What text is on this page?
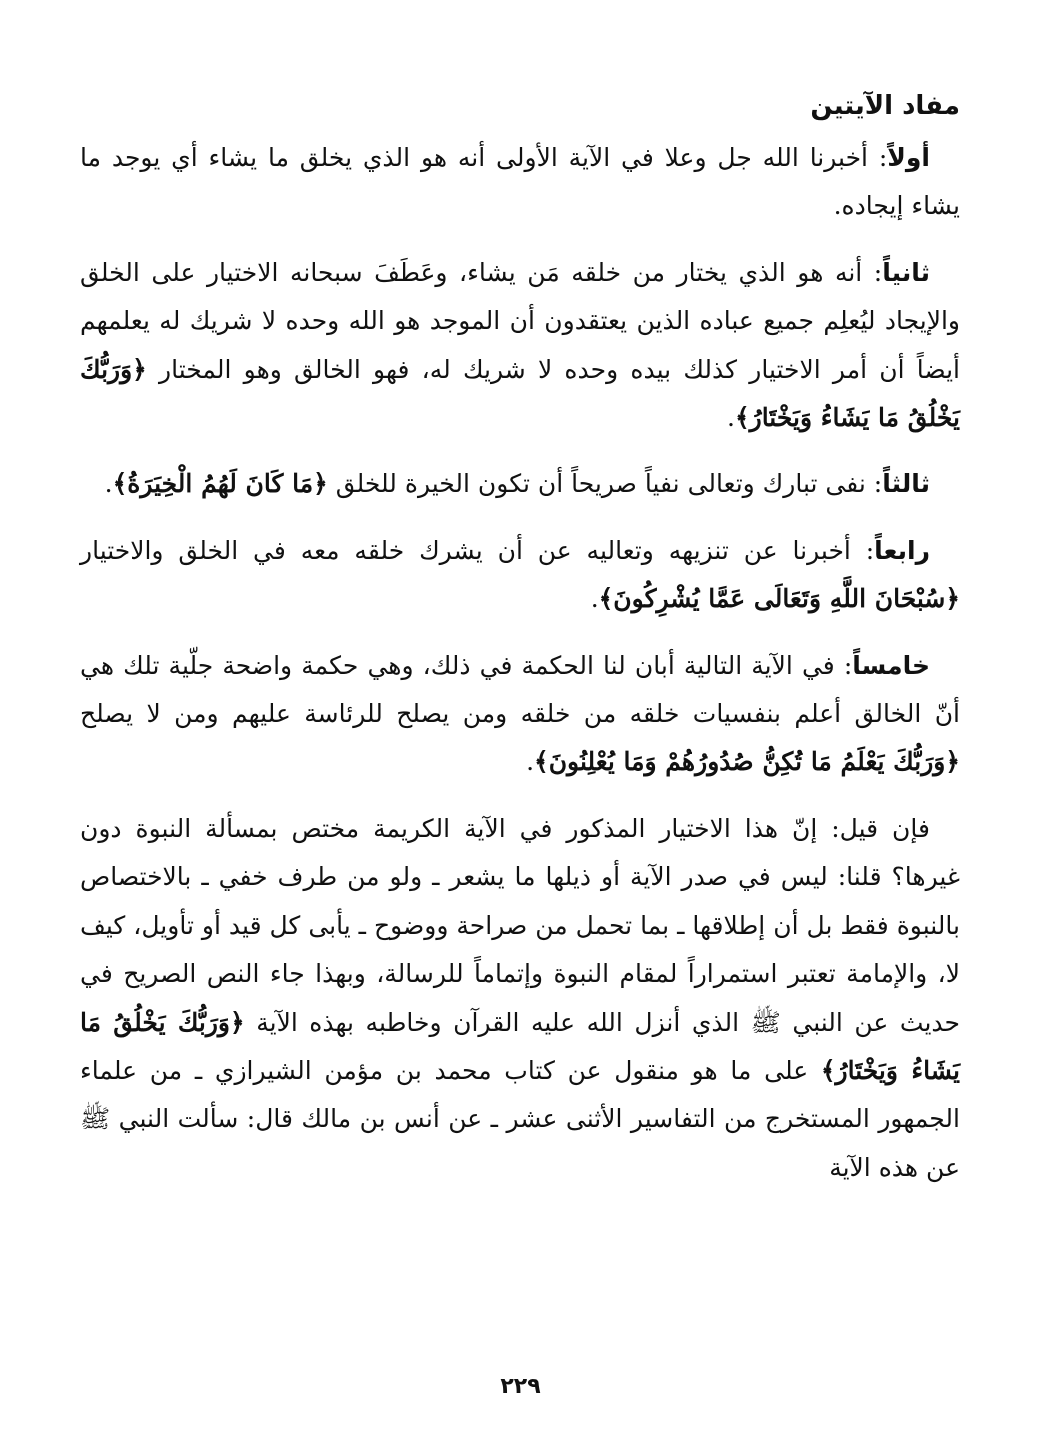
مفاد الآيتين

أولاً: أخبرنا الله جل وعلا في الآية الأولى أنه هو الذي يخلق ما يشاء أي يوجد ما يشاء إيجاده.

ثانياً: أنه هو الذي يختار من خلقه مَن يشاء، وعَطَفَ سبحانه الاختيار على الخلق والإيجاد ليُعلِم جميع عباده الذين يعتقدون أن الموجد هو الله وحده لا شريك له يعلمهم أيضاً أن أمر الاختيار كذلك بيده وحده لا شريك له، فهو الخالق وهو المختار ﴿وَرَبُّكَ يَخْلُقُ مَا يَشَاءُ وَيَخْتَارُ﴾.

ثالثاً: نفى تبارك وتعالى نفياً صريحاً أن تكون الخيرة للخلق ﴿مَا كَانَ لَهُمُ الْخِيَرَةُ﴾.

رابعاً: أخبرنا عن تنزيهه وتعاليه عن أن يشرك خلقه معه في الخلق والاختيار ﴿سُبْحَانَ اللَّهِ وَتَعَالَى عَمَّا يُشْرِكُونَ﴾.

خامساً: في الآية التالية أبان لنا الحكمة في ذلك، وهي حكمة واضحة جلّية تلك هي أنّ الخالق أعلم بنفسيات خلقه من خلقه ومن يصلح للرئاسة عليهم ومن لا يصلح ﴿وَرَبُّكَ يَعْلَمُ مَا تُكِنُّ صُدُورُهُمْ وَمَا يُعْلِنُونَ﴾.

فإن قيل: إنّ هذا الاختيار المذكور في الآية الكريمة مختص بمسألة النبوة دون غيرها؟ قلنا: ليس في صدر الآية أو ذيلها ما يشعر ـ ولو من طرف خفي ـ بالاختصاص بالنبوة فقط بل أن إطلاقها ـ بما تحمل من صراحة ووضوح ـ يأبى كل قيد أو تأويل، كيف لا، والإمامة تعتبر استمراراً لمقام النبوة وإتماماً للرسالة، وبهذا جاء النص الصريح في حديث عن النبي ﷺ الذي أنزل الله عليه القرآن وخاطبه بهذه الآية ﴿وَرَبُّكَ يَخْلُقُ مَا يَشَاءُ وَيَخْتَارُ﴾ على ما هو منقول عن كتاب محمد بن مؤمن الشيرازي ـ من علماء الجمهور المستخرج من التفاسير الأثنى عشر ـ عن أنس بن مالك قال: سألت النبي ﷺ عن هذه الآية

٢٢٩
